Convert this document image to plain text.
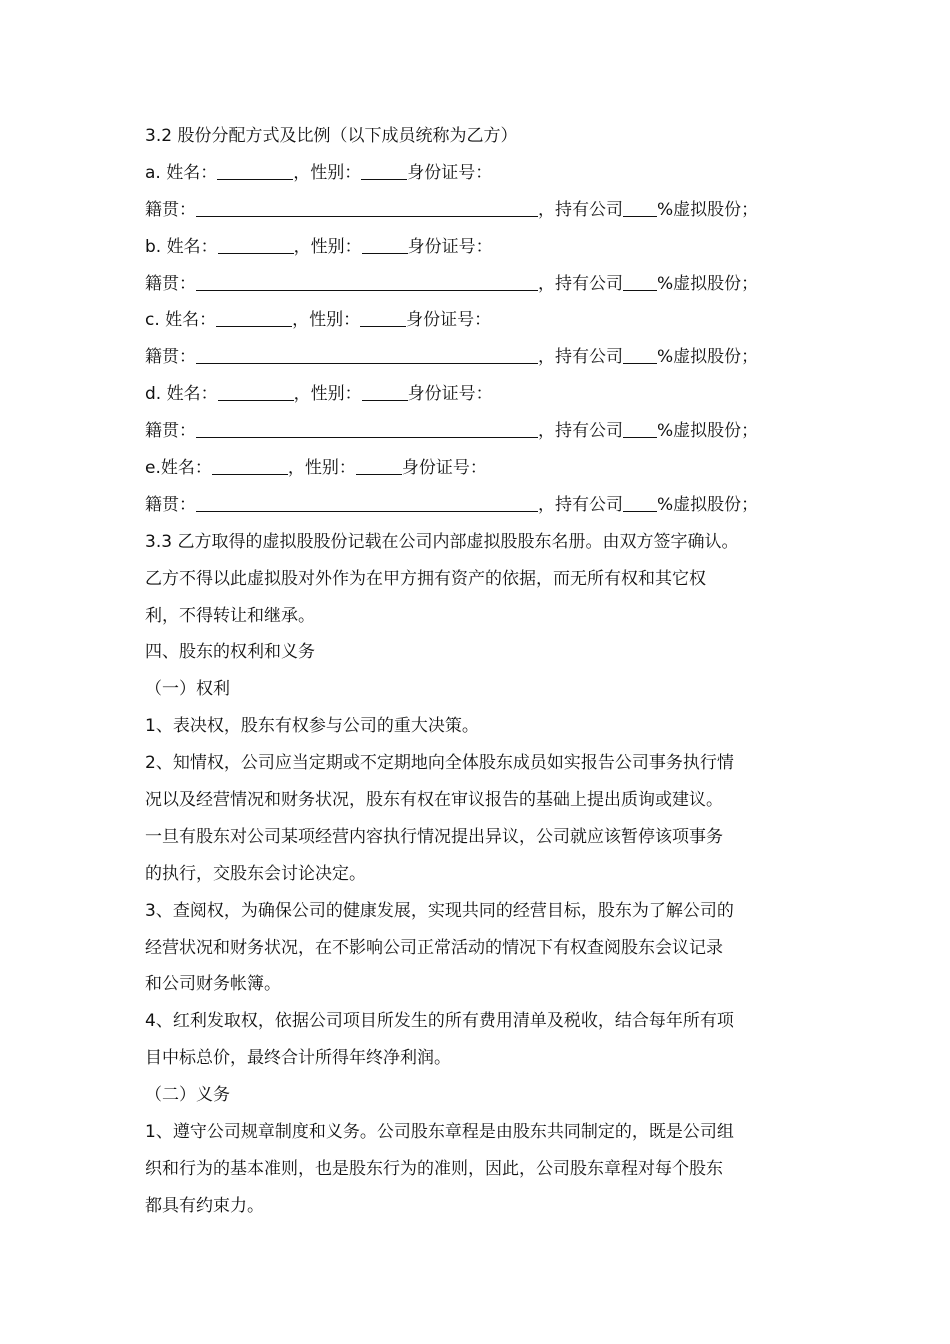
3.2 股份分配方式及比例（以下成员统称为乙方）
a. 姓名：	，性别：	身份证号：
籍贯：	，持有公司 %虚拟股份；
b. 姓名：	，性别：	身份证号：
籍贯：	，持有公司 %虚拟股份；
c. 姓名：	，性别：	身份证号：
籍贯：	，持有公司 %虚拟股份；
d. 姓名：	，性别：	身份证号：
籍贯：	，持有公司 %虚拟股份；
e.姓名：	，性别：	身份证号：
籍贯：	，持有公司 %虚拟股份；
3.3 乙方取得的虚拟股股份记载在公司内部虚拟股股东名册。由双方签字确认。
乙方不得以此虚拟股对外作为在甲方拥有资产的依据，而无所有权和其它权
利，不得转让和继承。
四、股东的权利和义务
（一）权利
1、表决权，股东有权参与公司的重大决策。
2、知情权，公司应当定期或不定期地向全体股东成员如实报告公司事务执行情
况以及经营情况和财务状况，股东有权在审议报告的基础上提出质询或建议。
一旦有股东对公司某项经营内容执行情况提出异议，公司就应该暂停该项事务
的执行，交股东会讨论决定。
3、查阅权，为确保公司的健康发展，实现共同的经营目标，股东为了解公司的
经营状况和财务状况，在不影响公司正常活动的情况下有权查阅股东会议记录
和公司财务帐簿。
4、红利发取权，依据公司项目所发生的所有费用清单及税收，结合每年所有项
目中标总价，最终合计所得年终净利润。
（二）义务
1、遵守公司规章制度和义务。公司股东章程是由股东共同制定的，既是公司组
织和行为的基本准则，也是股东行为的准则，因此，公司股东章程对每个股东
都具有约束力。
